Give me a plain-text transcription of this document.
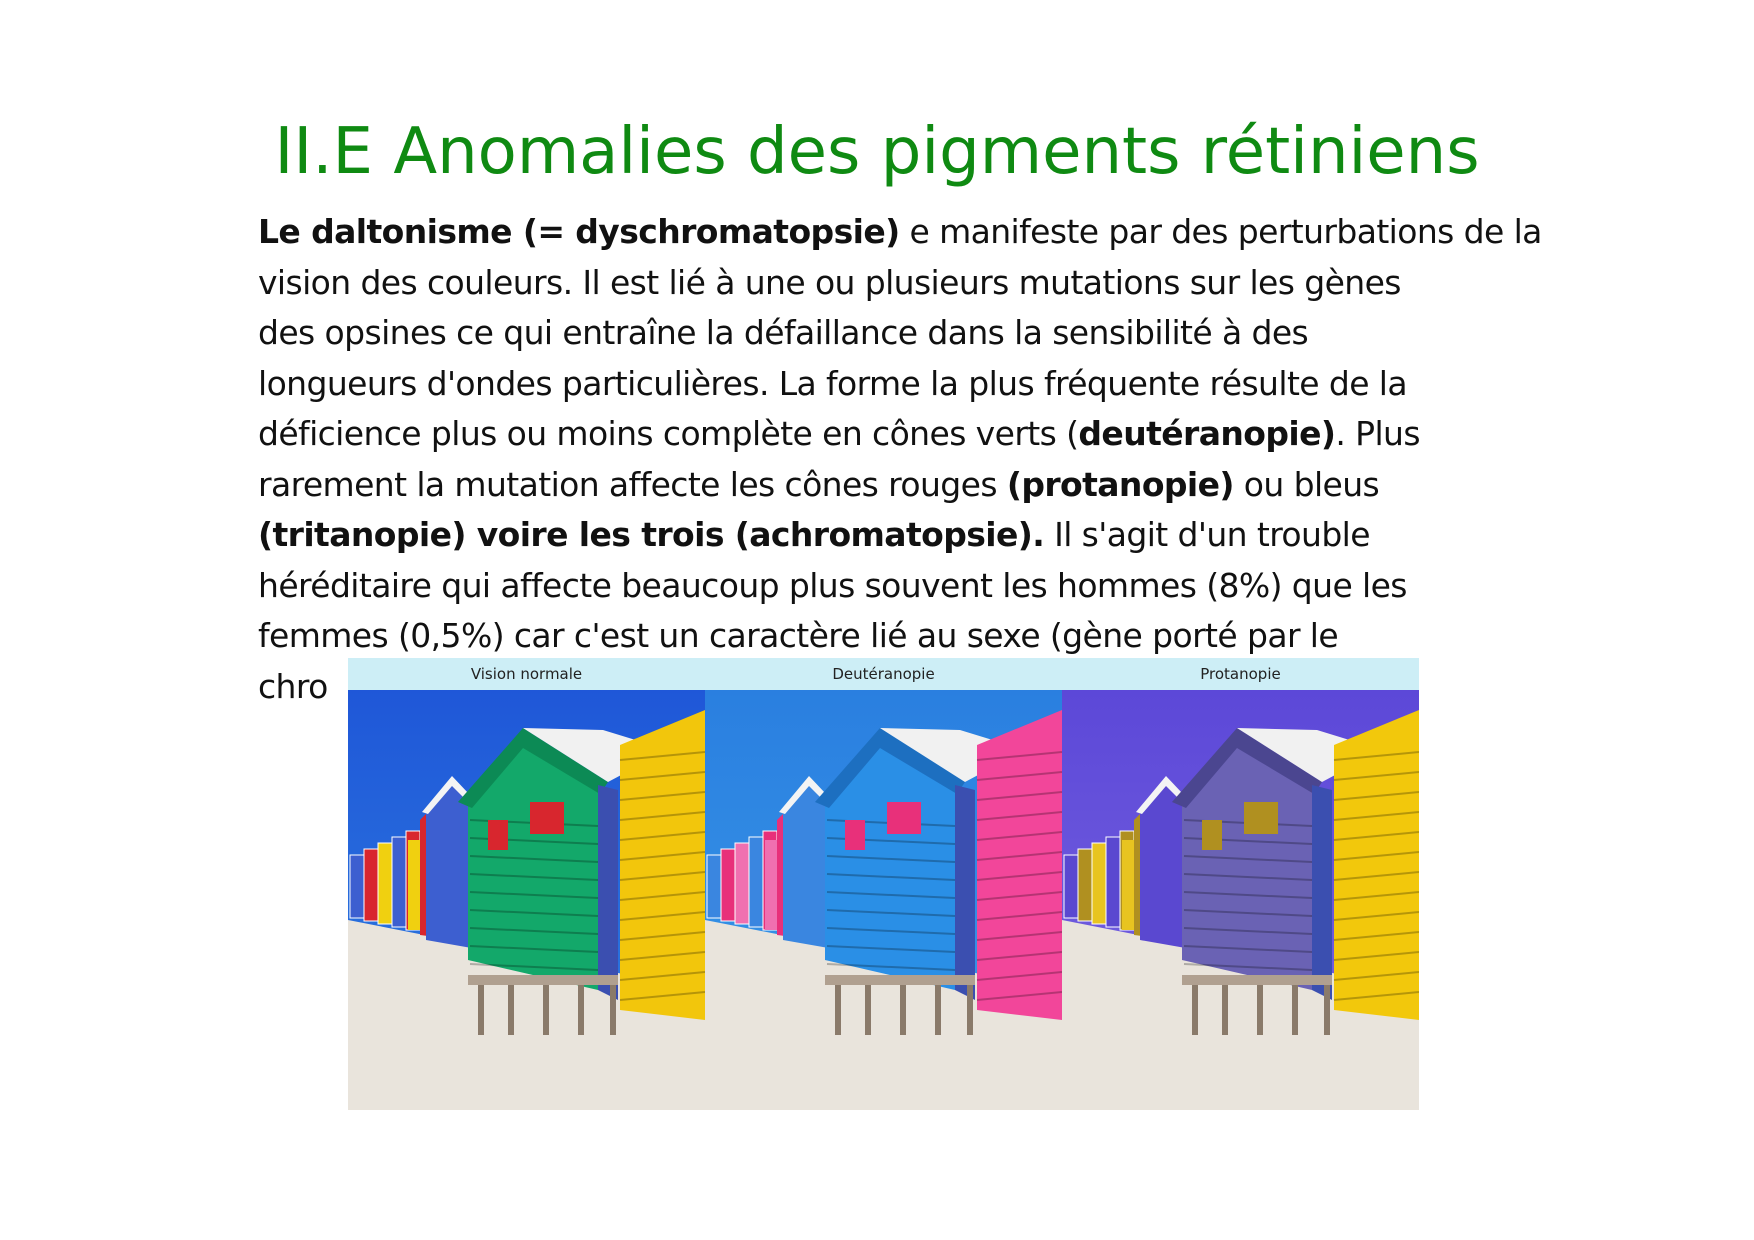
II.E Anomalies des pigments rétiniens

Le daltonisme (= dyschromatopsie) e manifeste par des perturbations de la
vision des couleurs. Il est lié à une ou plusieurs mutations sur les gènes
des opsines ce qui entraîne la défaillance dans la sensibilité à des
longueurs d'ondes particulières. La forme la plus fréquente résulte de la
déficience plus ou moins complète en cônes verts (deutéranopie). Plus
rarement la mutation affecte les cônes rouges (protanopie) ou bleus
(tritanopie) voire les trois (achromatopsie). Il s'agit d'un trouble
héréditaire qui affecte beaucoup plus souvent les hommes (8%) que les
femmes (0,5%) car c'est un caractère lié au sexe (gène porté par le
chro	Vision normale	Deutéranopie	Protanopie
